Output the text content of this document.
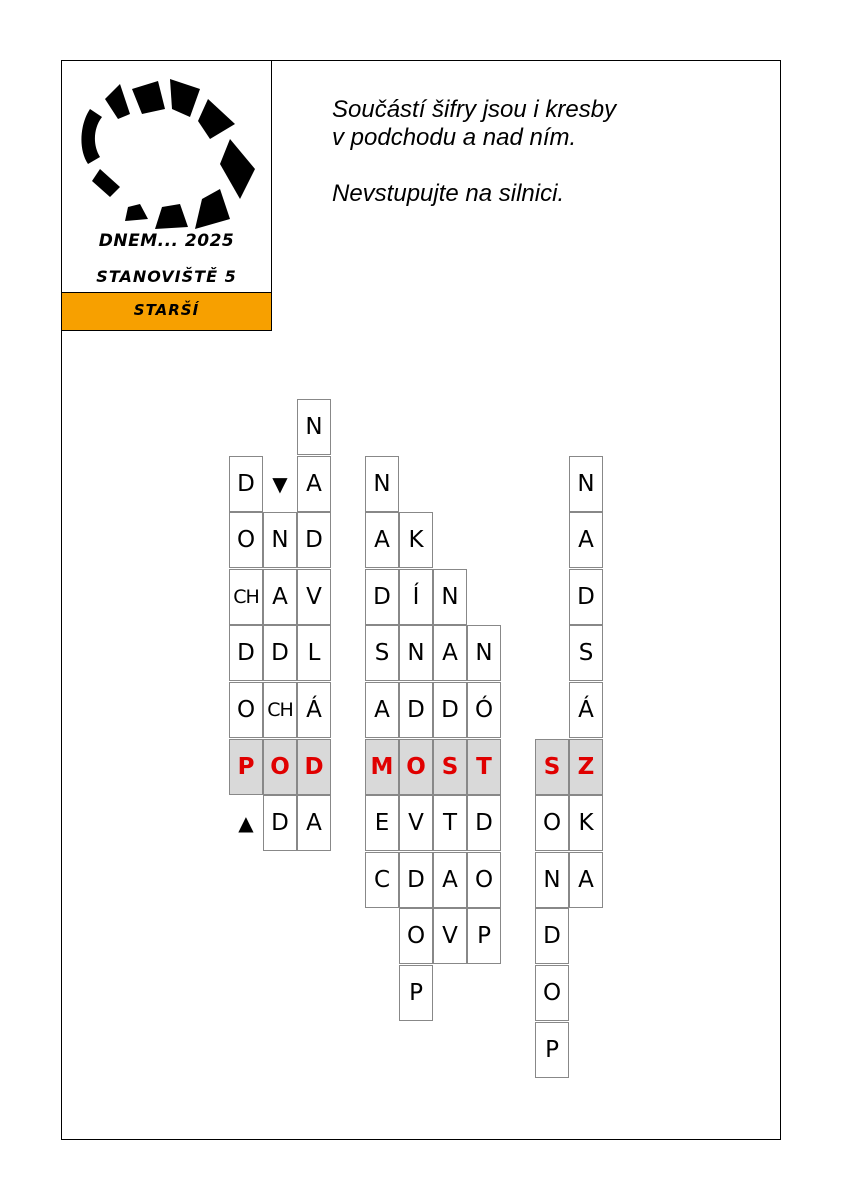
DNEM... 2025
STANOVIŠTĚ 5
STARŠÍ
Součástí šifry jsou i kresby
v podchodu a nad ním.
Nevstupujte na silnici.
D
O
CH
D
O
P
▲
▼
N
A
D
CH
O
D
N
A
D
V
L
Á
D
A
N
A
D
S
A
M
E
C
K
Í
N
D
O
V
D
O
P
N
A
D
S
T
A
V
N
Ó
T
D
O
P
S
O
N
D
O
P
N
A
D
S
Á
Z
K
A
